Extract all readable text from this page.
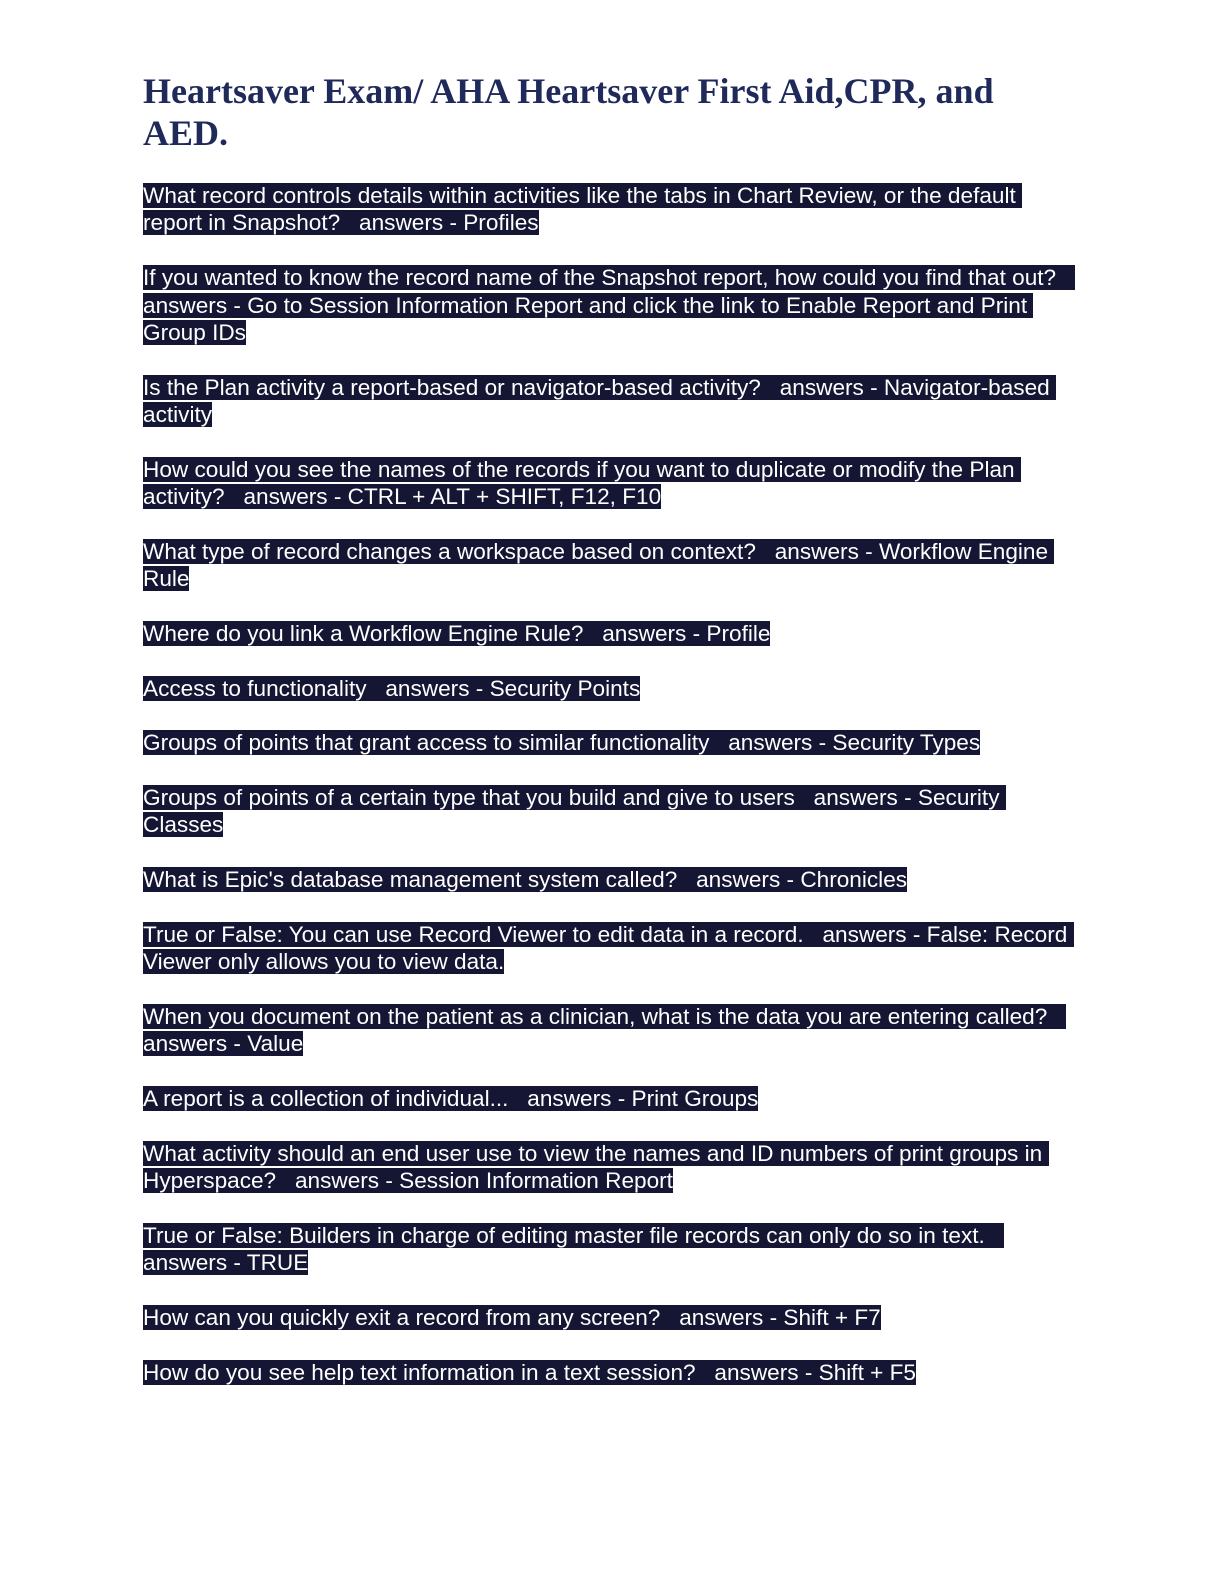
Heartsaver Exam/ AHA Heartsaver First Aid,CPR, and AED.

What record controls details within activities like the tabs in Chart Review, or the default report in Snapshot?   answers - Profiles

If you wanted to know the record name of the Snapshot report, how could you find that out?   answers - Go to Session Information Report and click the link to Enable Report and Print Group IDs

Is the Plan activity a report-based or navigator-based activity?   answers - Navigator-based activity

How could you see the names of the records if you want to duplicate or modify the Plan activity?   answers - CTRL + ALT + SHIFT, F12, F10

What type of record changes a workspace based on context?   answers - Workflow Engine Rule

Where do you link a Workflow Engine Rule?   answers - Profile

Access to functionality   answers - Security Points

Groups of points that grant access to similar functionality   answers - Security Types

Groups of points of a certain type that you build and give to users   answers - Security Classes

What is Epic's database management system called?   answers - Chronicles

True or False: You can use Record Viewer to edit data in a record.   answers - False: Record Viewer only allows you to view data.

When you document on the patient as a clinician, what is the data you are entering called?   answers - Value

A report is a collection of individual...   answers - Print Groups

What activity should an end user use to view the names and ID numbers of print groups in Hyperspace?   answers - Session Information Report

True or False: Builders in charge of editing master file records can only do so in text.   answers - TRUE

How can you quickly exit a record from any screen?   answers - Shift + F7

How do you see help text information in a text session?   answers - Shift + F5
